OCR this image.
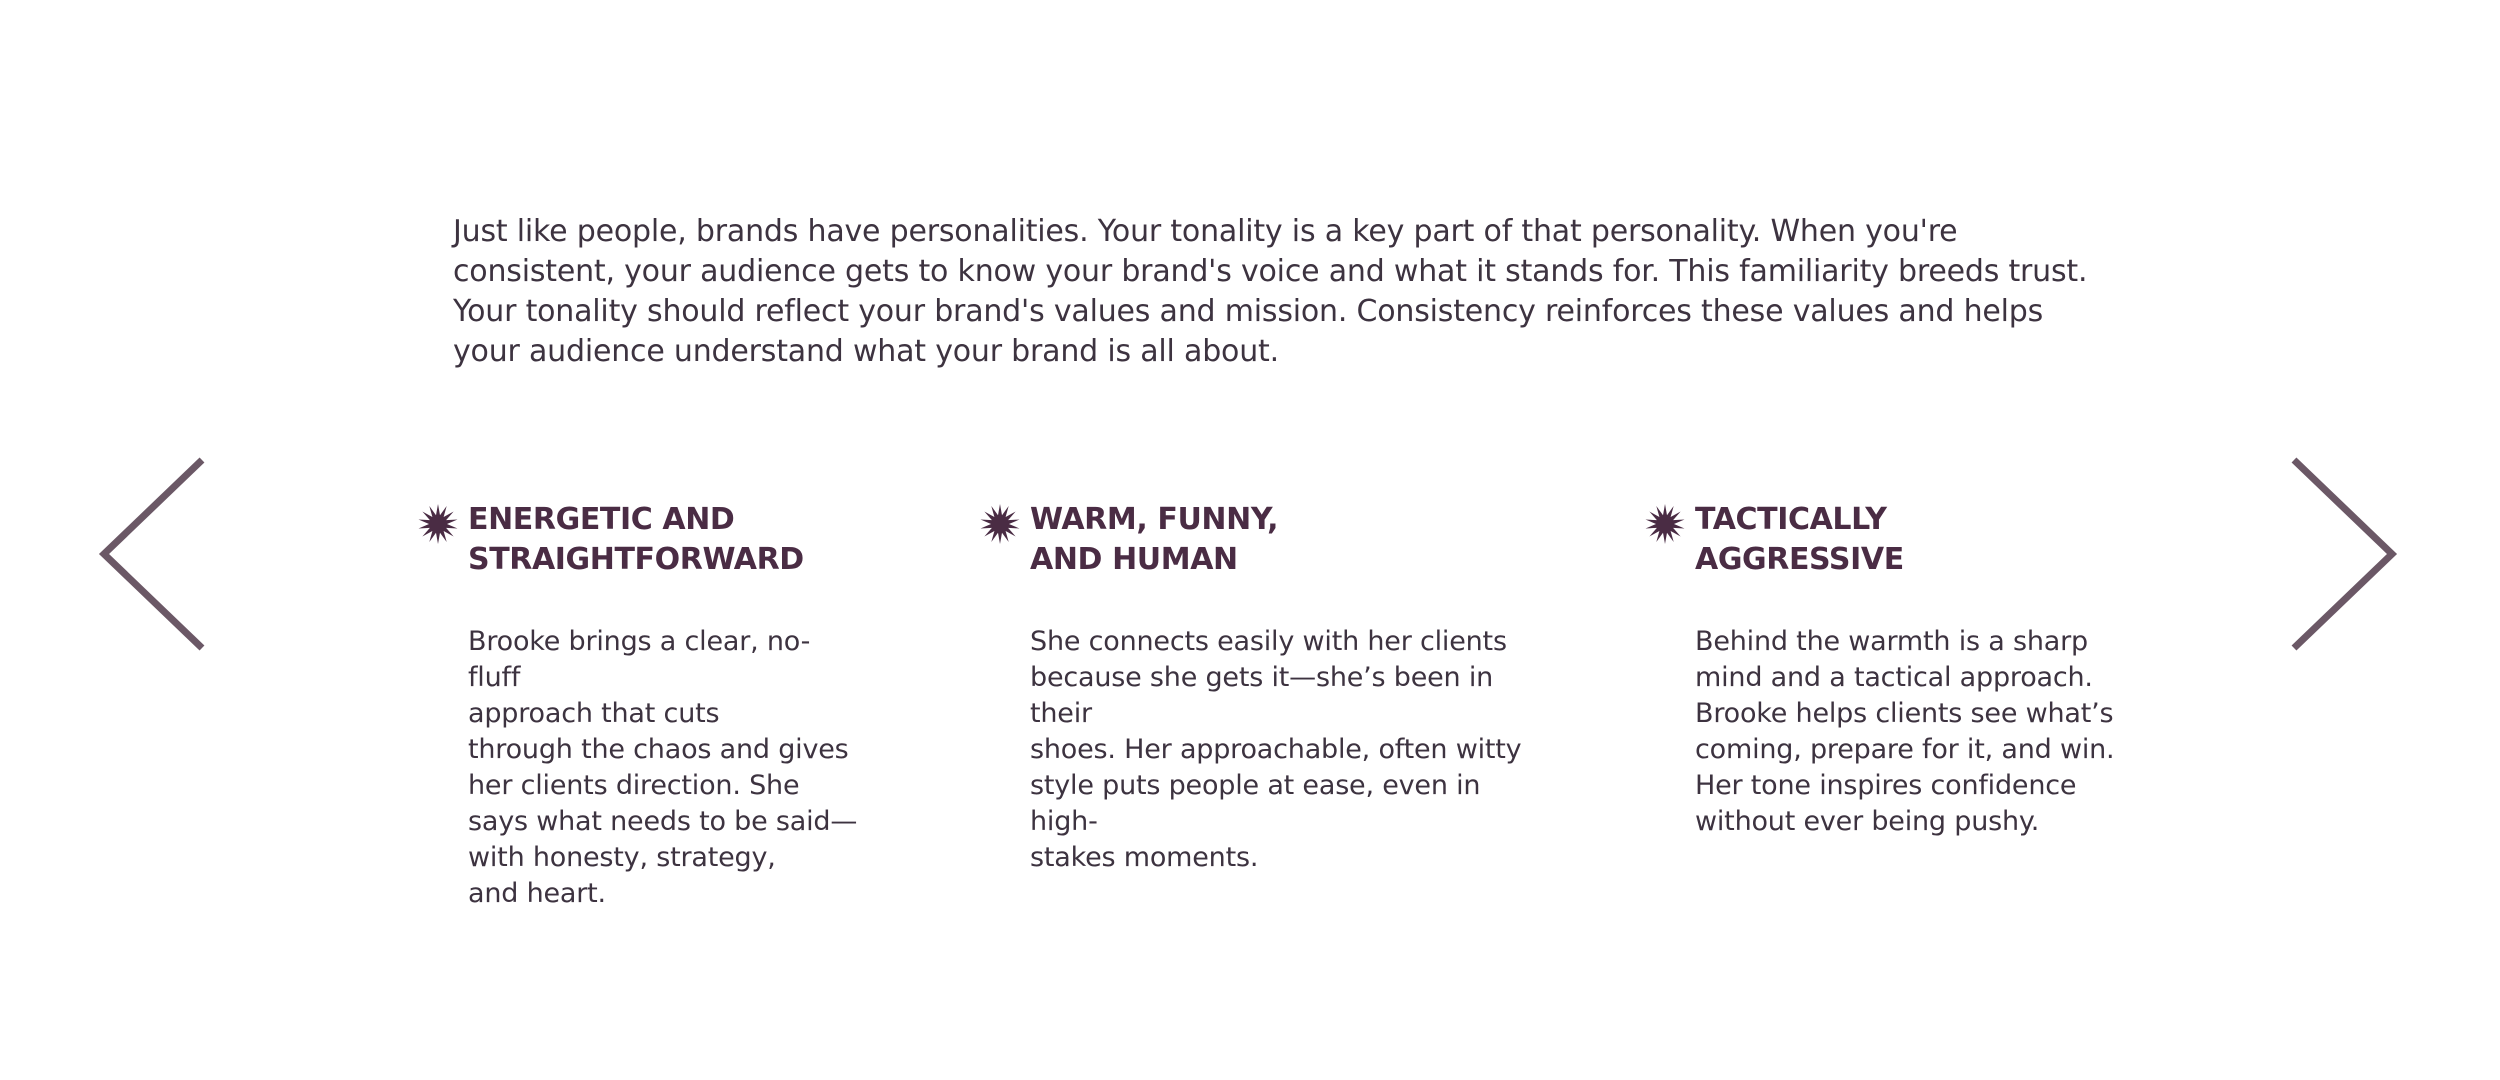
Just like people, brands have personalities. Your tonality is a key part of that personality. When you're consistent, your audience gets to know your brand's voice and what it stands for. This familiarity breeds trust. Your tonality should reflect your brand's values and mission. Consistency reinforces these values and helps your audience understand what your brand is all about.

ENERGETIC AND
STRAIGHTFORWARD
Brooke brings a clear, no-fluff
approach that cuts
through the chaos and gives
her clients direction. She
says what needs to be said—
with honesty, strategy,
and heart.
WARM, FUNNY,
AND HUMAN
She connects easily with her clients
because she gets it—she’s been in their
shoes. Her approachable, often witty
style puts people at ease, even in high-
stakes moments.
TACTICALLY
AGGRESSIVE
Behind the warmth is a sharp
mind and a tactical approach.
Brooke helps clients see what’s
coming, prepare for it, and win.
Her tone inspires confidence
without ever being pushy.
